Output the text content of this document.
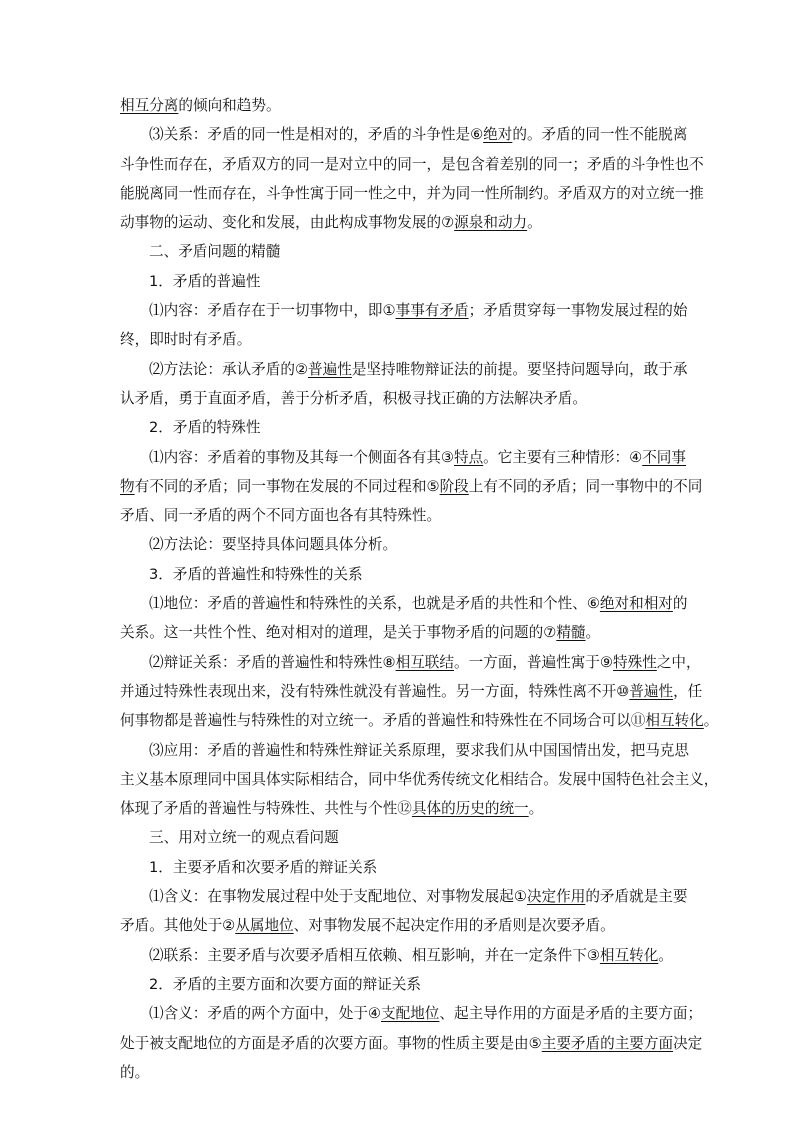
相互分离的倾向和趋势。
⑶关系：矛盾的同一性是相对的，矛盾的斗争性是⑥绝对的。矛盾的同一性不能脱离
斗争性而存在，矛盾双方的同一是对立中的同一，是包含着差别的同一；矛盾的斗争性也不
能脱离同一性而存在，斗争性寓于同一性之中，并为同一性所制约。矛盾双方的对立统一推
动事物的运动、变化和发展，由此构成事物发展的⑦源泉和动力。
二、矛盾问题的精髓
1．矛盾的普遍性
⑴内容：矛盾存在于一切事物中，即①事事有矛盾；矛盾贯穿每一事物发展过程的始
终，即时时有矛盾。
⑵方法论：承认矛盾的②普遍性是坚持唯物辩证法的前提。要坚持问题导向，敢于承
认矛盾，勇于直面矛盾，善于分析矛盾，积极寻找正确的方法解决矛盾。
2．矛盾的特殊性
⑴内容：矛盾着的事物及其每一个侧面各有其③特点。它主要有三种情形：④不同事
物有不同的矛盾；同一事物在发展的不同过程和⑤阶段上有不同的矛盾；同一事物中的不同
矛盾、同一矛盾的两个不同方面也各有其特殊性。
⑵方法论：要坚持具体问题具体分析。
3．矛盾的普遍性和特殊性的关系
⑴地位：矛盾的普遍性和特殊性的关系，也就是矛盾的共性和个性、⑥绝对和相对的
关系。这一共性个性、绝对相对的道理，是关于事物矛盾的问题的⑦精髓。
⑵辩证关系：矛盾的普遍性和特殊性⑧相互联结。一方面，普遍性寓于⑨特殊性之中，
并通过特殊性表现出来，没有特殊性就没有普遍性。另一方面，特殊性离不开⑩普遍性，任
何事物都是普遍性与特殊性的对立统一。矛盾的普遍性和特殊性在不同场合可以⑪相互转化。
⑶应用：矛盾的普遍性和特殊性辩证关系原理，要求我们从中国国情出发，把马克思
主义基本原理同中国具体实际相结合，同中华优秀传统文化相结合。发展中国特色社会主义，
体现了矛盾的普遍性与特殊性、共性与个性⑫具体的历史的统一。
三、用对立统一的观点看问题
1．主要矛盾和次要矛盾的辩证关系
⑴含义：在事物发展过程中处于支配地位、对事物发展起①决定作用的矛盾就是主要
矛盾。其他处于②从属地位、对事物发展不起决定作用的矛盾则是次要矛盾。
⑵联系：主要矛盾与次要矛盾相互依赖、相互影响，并在一定条件下③相互转化。
2．矛盾的主要方面和次要方面的辩证关系
⑴含义：矛盾的两个方面中，处于④支配地位、起主导作用的方面是矛盾的主要方面；
处于被支配地位的方面是矛盾的次要方面。事物的性质主要是由⑤主要矛盾的主要方面决定
的。
